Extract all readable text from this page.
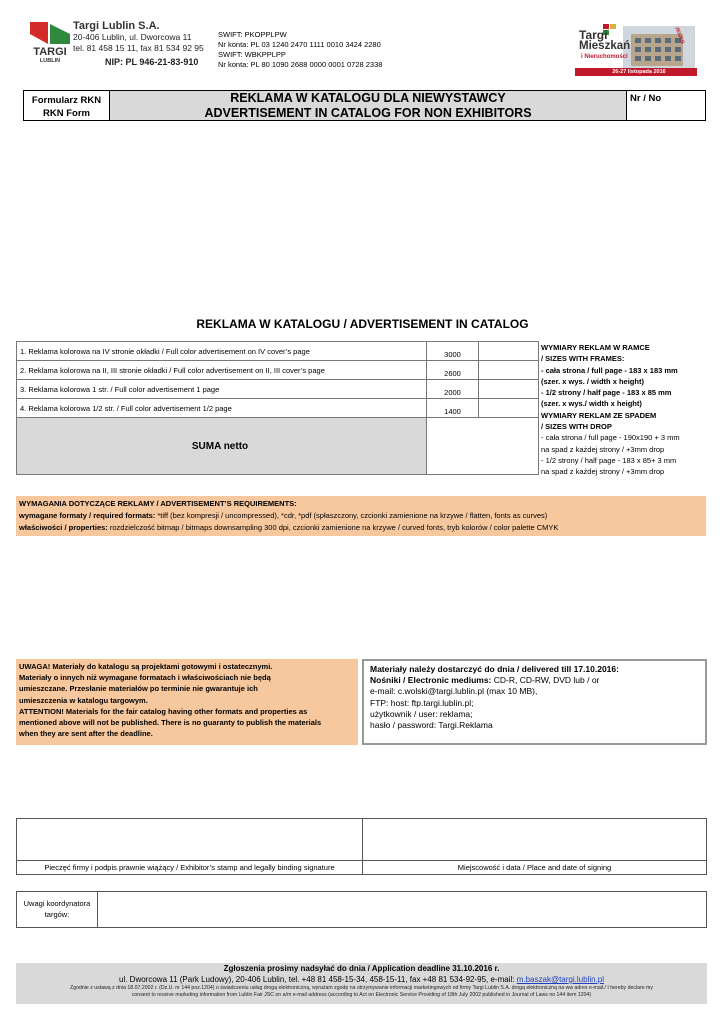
TARGI
LUBLIN
Targi Lublin S.A.
20-406 Lublin, ul. Dworcowa 11
tel. 81 458 15 11, fax 81 534 92 95
NIP: PL 946-21-83-910
SWIFT: PKOPPLPW
Nr konta: PL 03 1240 2470 1111 0010 3424 2280
SWIFT: WBKPPLPP
Nr konta: PL 80 1090 2688 0000 0001 0728 2338
Targi
Mieszkań
i Nieruchomości
26-27 listopada 2016
JESIEŃ
Formularz RKN
RKN Form
REKLAMA W KATALOGU DLA NIEWYSTAWCY
ADVERTISEMENT IN CATALOG FOR NON EXHIBITORS
Nr / No
REKLAMA W KATALOGU / ADVERTISEMENT IN CATALOG
1. Reklama kolorowa na IV stronie okładki / Full color advertisement on IV cover’s page	3000	
2. Reklama kolorowa na II, III stronie okładki / Full color advertisement on II, III cover’s page	2600	
3. Reklama kolorowa 1 str. / Full color advertisement 1 page	2000	
4. Reklama kolorowa 1/2 str. / Full color advertisement 1/2 page	1400	
SUMA netto		
WYMIARY REKLAM W RAMCE
/ SIZES WITH FRAMES:
- cała strona / full page - 183 x 183 mm
(szer. x wys. / width x height)
- 1/2 strony / half page - 183 x 85 mm
(szer. x wys./ width x height)
WYMIARY REKLAM ZE SPADEM
/ SIZES WITH DROP
- cała strona / full page - 190x190 + 3 mm
na spad z każdej strony / +3mm drop
- 1/2 strony / half page - 183 x 85+ 3 mm
na spad z każdej strony / +3mm drop
WYMAGANIA DOTYCZĄCE REKLAMY / ADVERTISEMENT’S REQUIREMENTS:
wymagane formaty / required formats: *tiff (bez kompresji / uncompressed), *cdr, *pdf (spłaszczony, czcionki zamienione na krzywe / flatten, fonts as curves)
właściwości / properties: rozdzielczość bitmap / bitmaps downsampling 300 dpi, czcionki zamienione na krzywe / curved fonts, tryb kolorów / color palette CMYK
UWAGA! Materiały do katalogu są projektami gotowymi i ostatecznymi.
Materiały o innych niż wymagane formatach i właściwościach nie będą
umieszczane. Przesłanie materiałów po terminie nie gwarantuje ich
umieszczenia w katalogu targowym.
ATTENTION! Materials for the fair catalog having other formats and properties as
mentioned above will not be published. There is no guaranty to publish the materials
when they are sent after the deadline.
Materiały należy dostarczyć do dnia / delivered till 17.10.2016:
Nośniki / Electronic mediums: CD-R, CD-RW, DVD lub / or
e-mail: c.wolski@targi.lublin.pl (max 10 MB),
FTP: host: ftp.targi.lublin.pl;
użytkownik / user: reklama;
hasło / password: Targi.Reklama
Pieczęć firmy i podpis prawnie wiążący / Exhibitor’s stamp and legally binding signature	Miejscowość i data / Place and date of signing
Uwagi koordynatora
targów:
Zgłoszenia prosimy nadsyłać do dnia / Application deadline 31.10.2016 r.
ul. Dworcowa 11 (Park Ludowy), 20-406 Lublin, tel. +48 81 458-15-34, 458-15-11, fax +48 81 534-92-95, e-mail: m.baszak@targi.lublin.pl
Zgodnie z ustawą z dnia 18.07.2002 r. (Dz.U. nr 144 poz.1204) o świadczeniu usług drogą elektroniczną, wyrażam zgodę na otrzymywanie informacji marketingowych od firmy Targi Lublin S.A. drogą elektroniczną na ww adres e-mail./ I hereby declare my
consent to receive marketing information from Lublin Fair JSC on a/m e-mail address (according to Act on Electronic Service Providing of 18th July 2002 published in Journal of Laws no 144 item 1204)
